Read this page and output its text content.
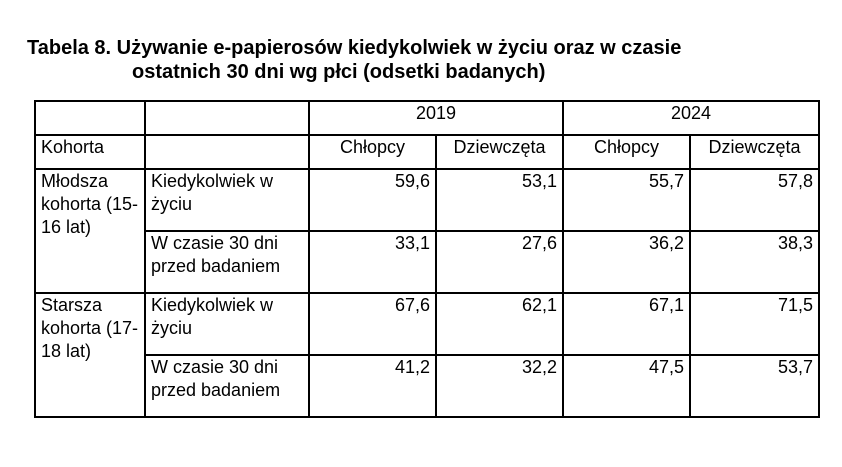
Tabela 8. Używanie e-papierosów kiedykolwiek w życiu oraz w czasie
ostatnich 30 dni wg płci (odsetki badanych)
		2019		2024	
Kohorta		Chłopcy	Dziewczęta	Chłopcy	Dziewczęta
Młodsza kohorta (15-16 lat)	Kiedykolwiek w życiu	59,6	53,1	55,7	57,8
	W czasie 30 dni przed badaniem	33,1	27,6	36,2	38,3
Starsza kohorta (17-18 lat)	Kiedykolwiek w życiu	67,6	62,1	67,1	71,5
	W czasie 30 dni przed badaniem	41,2	32,2	47,5	53,7
